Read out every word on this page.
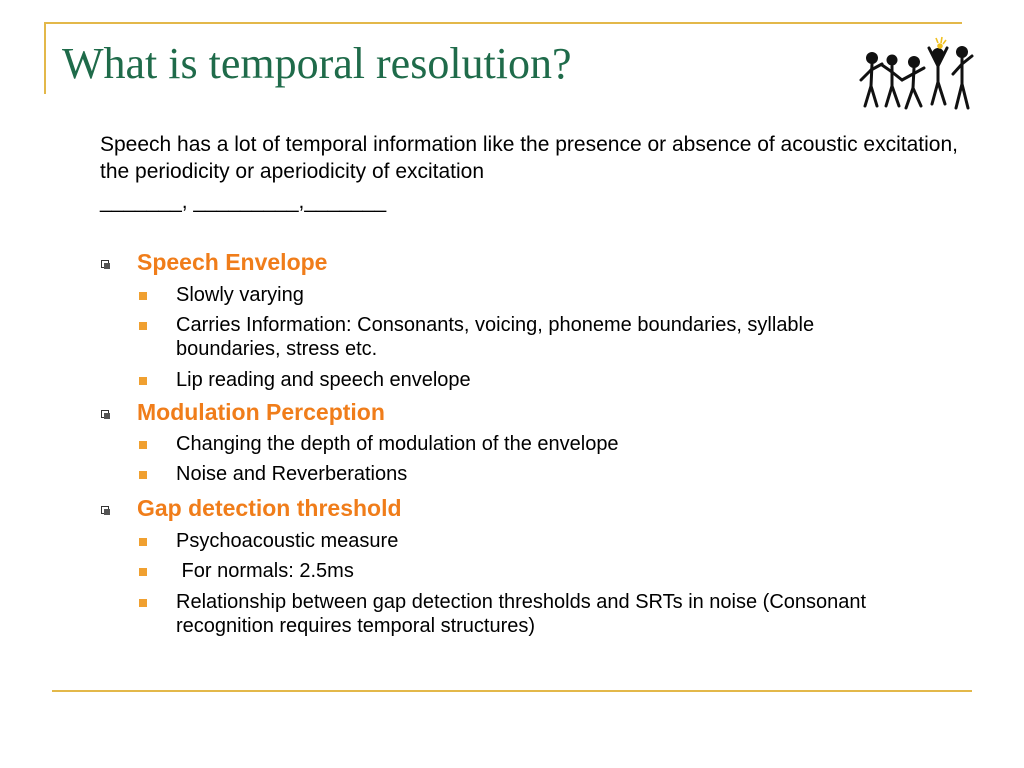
What is temporal resolution?
Speech has a lot of temporal information like the presence or absence of acoustic excitation, the periodicity or aperiodicity of excitation
_______, _________,_______
Speech Envelope
Slowly varying
Carries Information: Consonants, voicing, phoneme boundaries, syllable boundaries, stress etc.
Lip reading and speech envelope
Modulation Perception
Changing the depth of modulation of the envelope
Noise and Reverberations
Gap detection threshold
Psychoacoustic measure
For normals: 2.5ms
Relationship between gap detection thresholds and SRTs in noise (Consonant recognition requires temporal structures)
